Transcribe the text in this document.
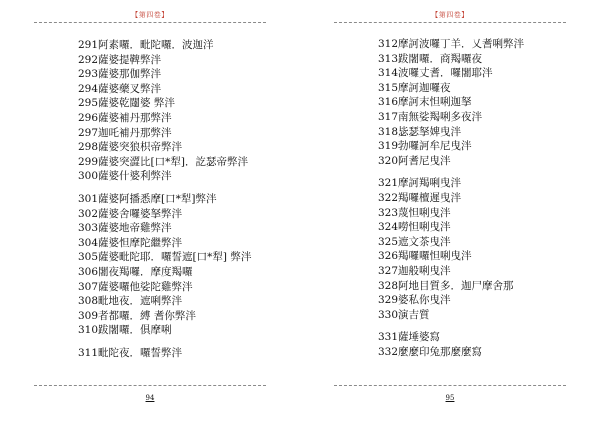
【第四卷】
291阿素囉．毗陀囉．波迦洋
292薩婆提鞞弊泮
293薩婆那伽弊泮
294薩婆藥叉弊泮
295薩婆乾闥婆 弊泮
296薩婆補丹那弊泮
297迦吒補丹那弊泮
298薩婆突狼枳帝弊泮
299薩婆突澀比[口*犁]．訖瑟帝弊泮
300薩婆什婆利弊泮
301薩婆阿播悉摩[口*犁]弊泮
302薩婆舍囉婆拏弊泮
303薩婆地帝雞弊泮
304薩婆怛摩陀繼弊泮
305薩婆毗陀耶．囉誓遮[口*犁] 弊泮
306闍夜羯囉．摩度羯囉
307薩婆囉他娑陀雞弊泮
308毗地夜．遮唎弊泮
309者都囉．縛 耆你弊泮
310跋闍囉．俱摩唎
311毗陀夜．囉誓弊泮
94
【第四卷】
312摩訶波囉丁羊．乂耆唎弊泮
313跋闍囉．商羯囉夜
314波囉丈耆．囉闍耶泮
315摩訶迦囉夜
316摩訶末怛唎迦拏
317南無娑羯唎多夜泮
318毖瑟拏婢曳泮
319勃囉訶牟尼曳泮
320阿耆尼曳泮
321摩訶羯唎曳泮
322羯囉檀遲曳泮
323蔑怛唎曳泮
324嘮怛唎曳泮
325遮文茶曳泮
326羯囉囉怛唎曳泮
327迦般唎曳泮
328阿地目質多．迦尸摩舍那
329婆私你曳泮
330演吉質
331薩埵婆寫
332麼麼印兔那麼麼寫
95
